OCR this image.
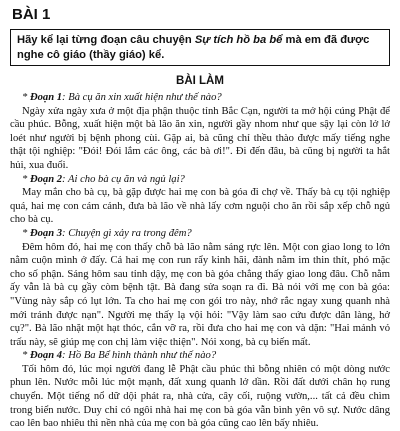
BÀI 1
Hãy kể lại từng đoạn câu chuyện Sự tích hồ ba bể mà em đã được nghe cô giáo (thầy giáo) kể.
BÀI LÀM

* Đoạn 1: Bà cụ ăn xin xuất hiện như thế nào?

Ngày xửa ngày xưa ở một địa phận thuộc tỉnh Bắc Cạn, người ta mở hội cúng Phật để cầu phúc. Bỗng, xuất hiện một bà lão ăn xin, người gầy nhom như que sậy lại còn lở lở loét như người bị bệnh phong cùi. Gặp ai, bà cũng chỉ thều thào được mấy tiếng nghe thật tội nghiệp: "Đói! Đói lắm các ông, các bà ơi!". Đi đến đâu, bà cũng bị người ta hắt hủi, xua đuổi.

* Đoạn 2: Ai cho bà cụ ăn và ngủ lại?

May mắn cho bà cụ, bà gặp được hai mẹ con bà góa đi chợ về. Thấy bà cụ tội nghiệp quá, hai mẹ con cám cảnh, đưa bà lão về nhà lấy cơm nguội cho ăn rồi sắp xếp chỗ ngủ cho bà cụ.

* Đoạn 3: Chuyện gì xảy ra trong đêm?

Đêm hôm đó, hai mẹ con thấy chỗ bà lão nằm sáng rực lên. Một con giao long to lớn nằm cuộn mình ở đấy. Cả hai mẹ con run rẩy kinh hãi, đành nằm im thin thít, phó mặc cho số phận. Sáng hôm sau tỉnh dậy, mẹ con bà góa chẳng thấy giao long đâu. Chỗ nằm ấy vẫn là bà cụ gầy còm bệnh tật. Bà đang sửa soạn ra đi. Bà nói với mẹ con bà góa: "Vùng này sắp có lụt lớn. Ta cho hai mẹ con gói tro này, nhớ rắc ngay xung quanh nhà mới tránh được nạn". Người mẹ thấy lạ vội hỏi: "Vậy làm sao cứu được dân làng, hở cụ?". Bà lão nhặt một hạt thóc, cắn vỡ ra, rồi đưa cho hai mẹ con và dặn: "Hai mảnh vỏ trấu này, sẽ giúp mẹ con chị làm việc thiện". Nói xong, bà cụ biến mất.

* Đoạn 4: Hồ Ba Bể hình thành như thế nào?

Tối hôm đó, lúc mọi người đang lễ Phật cầu phúc thì bỗng nhiên có một dòng nước phun lên. Nước mỗi lúc một mạnh, đất xung quanh lở dần. Rồi đất dưới chân họ rung chuyển. Một tiếng nổ dữ dội phát ra, nhà cửa, cây cối, ruộng vườn,... tất cả đều chìm trong biển nước. Duy chỉ có ngôi nhà hai mẹ con bà góa vẫn bình yên vô sự. Nước dâng cao lên bao nhiêu thì nền nhà của mẹ con bà góa cũng cao lên bấy nhiêu.
